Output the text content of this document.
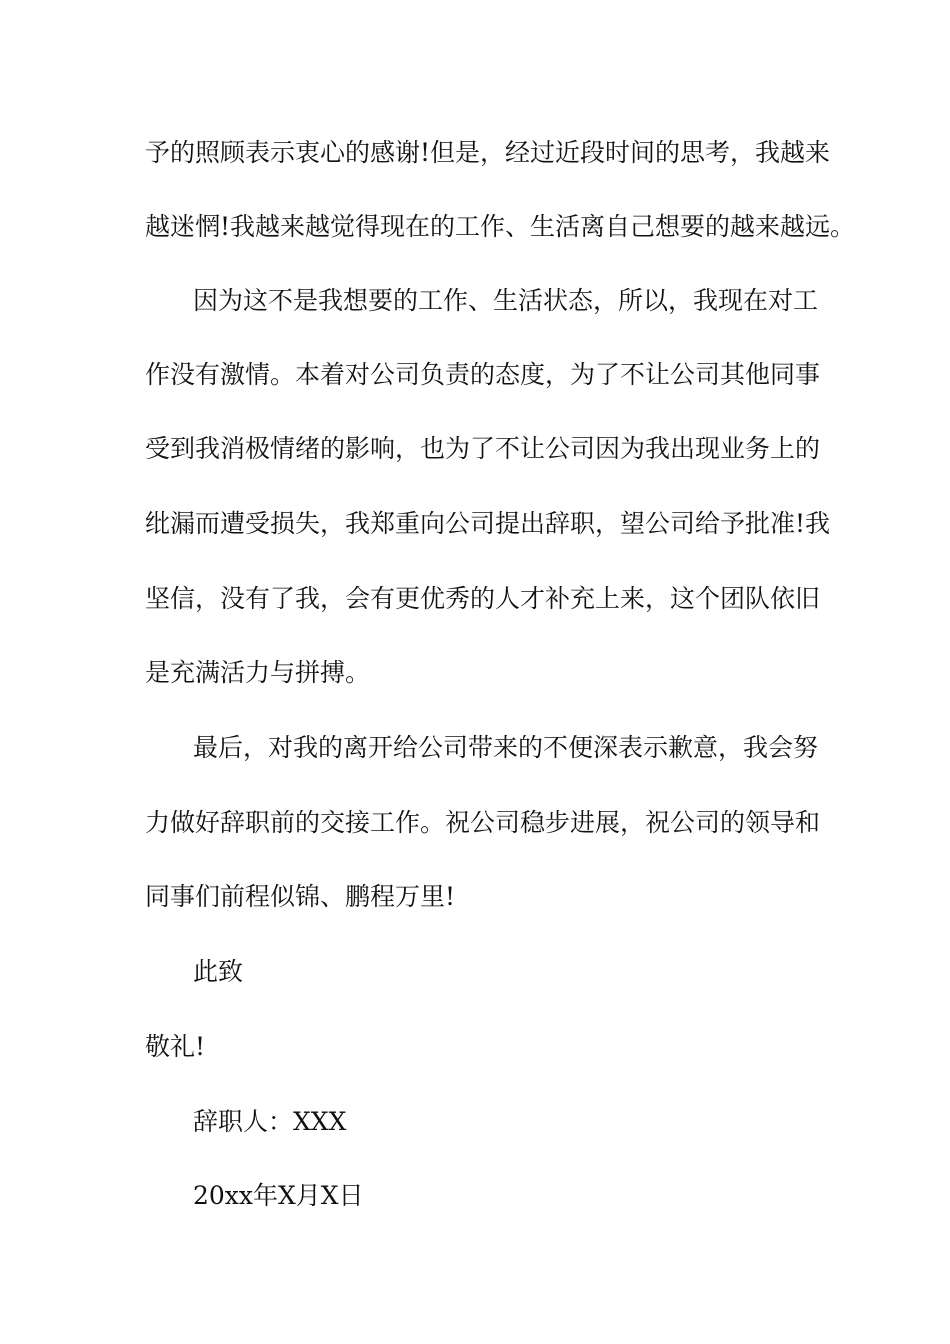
予的照顾表示衷心的感谢!但是，经过近段时间的思考，我越来
越迷惘!我越来越觉得现在的工作、生活离自己想要的越来越远。
因为这不是我想要的工作、生活状态，所以，我现在对工
作没有激情。本着对公司负责的态度，为了不让公司其他同事
受到我消极情绪的影响，也为了不让公司因为我出现业务上的
纰漏而遭受损失，我郑重向公司提出辞职，望公司给予批准!我
坚信，没有了我，会有更优秀的人才补充上来，这个团队依旧
是充满活力与拼搏。
最后，对我的离开给公司带来的不便深表示歉意，我会努
力做好辞职前的交接工作。祝公司稳步进展，祝公司的领导和
同事们前程似锦、鹏程万里!
此致
敬礼!
辞职人：XXX
20xx年X月X日
